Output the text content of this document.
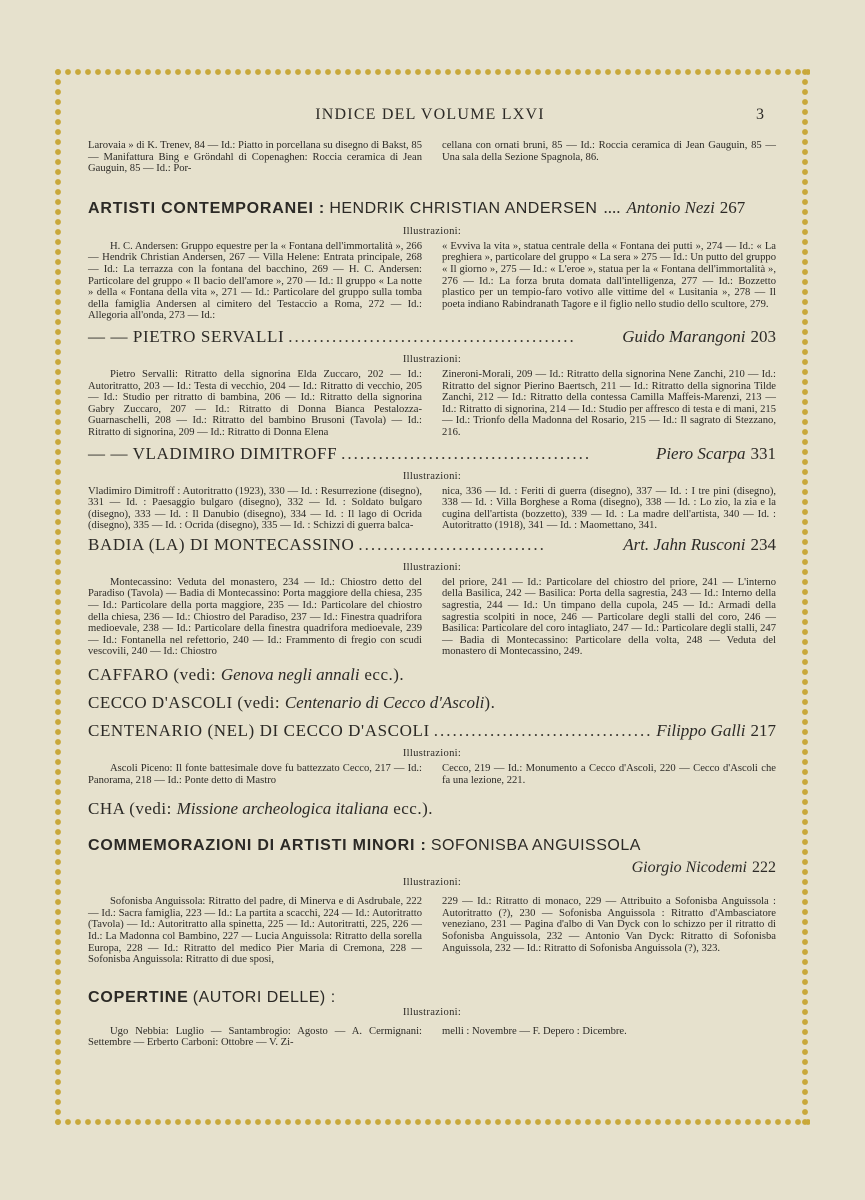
INDICE DEL VOLUME LXVI	3

Larovaia » di K. Trenev, 84 — Id.: Piatto in porcellana su disegno di Bakst, 85 — Manifattura Bing e Gröndahl di Copenaghen: Roccia ceramica di Jean Gauguin, 85 — Id.: Por-

cellana con ornati bruni, 85 — Id.: Roccia ceramica di Jean Gauguin, 85 — Una sala della Sezione Spagnola, 86.

ARTISTI CONTEMPORANEI :
HENDRIK CHRISTIAN ANDERSEN .... Antonio Nezi 267
Illustrazioni:

H. C. Andersen: Gruppo equestre per la « Fontana dell'immortalità », 266 — Hendrik Christian Andersen, 267 — Villa Helene: Entrata principale, 268 — Id.: La terrazza con la fontana del bacchino, 269 — H. C. Andersen: Particolare del gruppo « Il bacio dell'amore », 270 — Id.: Il gruppo « La notte » della « Fontana della vita », 271 — Id.: Particolare del gruppo sulla tomba della famiglia Andersen al cimitero del Testaccio a Roma, 272 — Id.: Allegoria all'onda, 273 — Id.:

« Evviva la vita », statua centrale della « Fontana dei putti », 274 — Id.: « La preghiera », particolare del gruppo « La sera » 275 — Id.: Un putto del gruppo « Il giorno », 275 — Id.: « L'eroe », statua per la « Fontana dell'immortalità », 276 — Id.: La forza bruta domata dall'intelligenza, 277 — Id.: Bozzetto plastico per un tempio-faro votivo alle vittime del « Lusitania », 278 — Il poeta indiano Rabindranath Tagore e il figlio nello studio dello scultore, 279.

— — PIETRO SERVALLI ..............................................	Guido Marangoni 203
Illustrazioni:

Pietro Servalli: Ritratto della signorina Elda Zuccaro, 202 — Id.: Autoritratto, 203 — Id.: Testa di vecchio, 204 — Id.: Ritratto di vecchio, 205 — Id.: Studio per ritratto di bambina, 206 — Id.: Ritratto della signorina Gabry Zuccaro, 207 — Id.: Ritratto di Donna Bianca Pestalozza-Guarnaschelli, 208 — Id.: Ritratto del bambino Brusoni (Tavola) — Id.: Ritratto di signorina, 209 — Id.: Ritratto di Donna Elena

Zineroni-Morali, 209 — Id.: Ritratto della signorina Nene Zanchi, 210 — Id.: Ritratto del signor Pierino Baertsch, 211 — Id.: Ritratto della signorina Tilde Zanchi, 212 — Id.: Ritratto della contessa Camilla Maffeis-Marenzi, 213 — Id.: Ritratto di signorina, 214 — Id.: Studio per affresco di testa e di mani, 215 — Id.: Trionfo della Madonna del Rosario, 215 — Id.: Il sagrato di Stezzano, 216.

— — VLADIMIRO DIMITROFF ........................................	Piero Scarpa 331
Illustrazioni:

Vladimiro Dimitroff : Autoritratto (1923), 330 — Id. : Resurrezione (disegno), 331 — Id. : Paesaggio bulgaro (disegno), 332 — Id. : Soldato bulgaro (disegno), 333 — Id. : Il Danubio (disegno), 334 — Id. : Il lago di Ocrida (disegno), 335 — Id. : Ocrida (disegno), 335 — Id. : Schizzi di guerra balca-

nica, 336 — Id. : Feriti di guerra (disegno), 337 — Id. : I tre pini (disegno), 338 — Id. : Villa Borghese a Roma (disegno), 338 — Id. : Lo zio, la zia e la cugina dell'artista (bozzetto), 339 — Id. : La madre dell'artista, 340 — Id. : Autoritratto (1918), 341 — Id. : Maomettano, 341.

BADIA (LA) DI MONTECASSINO ..............................	Art. Jahn Rusconi 234
Illustrazioni:

Montecassino: Veduta del monastero, 234 — Id.: Chiostro detto del Paradiso (Tavola) — Badia di Montecassino: Porta maggiore della chiesa, 235 — Id.: Particolare della porta maggiore, 235 — Id.: Particolare del chiostro della chiesa, 236 — Id.: Chiostro del Paradiso, 237 — Id.: Finestra quadrifora medioevale, 238 — Id.: Particolare della finestra quadrifora medioevale, 239 — Id.: Fontanella nel refettorio, 240 — Id.: Frammento di fregio con scudi vescovili, 240 — Id.: Chiostro

del priore, 241 — Id.: Particolare del chiostro del priore, 241 — L'interno della Basilica, 242 — Basilica: Porta della sagrestia, 243 — Id.: Interno della sagrestia, 244 — Id.: Un timpano della cupola, 245 — Id.: Armadi della sagrestia scolpiti in noce, 246 — Particolare degli stalli del coro, 246 — Basilica: Particolare del coro intagliato, 247 — Id.: Particolare degli stalli, 247 — Badia di Montecassino: Particolare della volta, 248 — Veduta del monastero di Montecassino, 249.

CAFFARO (vedi: Genova negli annali ecc.).
CECCO D'ASCOLI (vedi: Centenario di Cecco d'Ascoli).
CENTENARIO (NEL) DI CECCO D'ASCOLI ................................... Filippo Galli 217
Illustrazioni:

Ascoli Piceno: Il fonte battesimale dove fu battezzato Cecco, 217 — Id.: Panorama, 218 — Id.: Ponte detto di Mastro

Cecco, 219 — Id.: Monumento a Cecco d'Ascoli, 220 — Cecco d'Ascoli che fa una lezione, 221.

CHA (vedi: Missione archeologica italiana ecc.).
COMMEMORAZIONI DI ARTISTI MINORI :
SOFONISBA ANGUISSOLA
Giorgio Nicodemi 222
Illustrazioni:

Sofonisba Anguissola: Ritratto del padre, di Minerva e di Asdrubale, 222 — Id.: Sacra famiglia, 223 — Id.: La partita a scacchi, 224 — Id.: Autoritratto (Tavola) — Id.: Autoritratto alla spinetta, 225 — Id.: Autoritratti, 225, 226 — Id.: La Madonna col Bambino, 227 — Lucia Anguissola: Ritratto della sorella Europa, 228 — Id.: Ritratto del medico Pier Maria di Cremona, 228 — Sofonisba Anguissola: Ritratto di due sposi,

229 — Id.: Ritratto di monaco, 229 — Attribuito a Sofonisba Anguissola : Autoritratto (?), 230 — Sofonisba Anguissola : Ritratto d'Ambasciatore veneziano, 231 — Pagina d'albo di Van Dyck con lo schizzo per il ritratto di Sofonisba Anguissola, 232 — Antonio Van Dyck: Ritratto di Sofonisba Anguissola, 232 — Id.: Ritratto di Sofonisba Anguissola (?), 323.

COPERTINE
(AUTORI DELLE) :
Illustrazioni:

Ugo Nebbia: Luglio — Santambrogio: Agosto — A. Cermignani: Settembre — Erberto Carboni: Ottobre — V. Zi-

melli : Novembre — F. Depero : Dicembre.
